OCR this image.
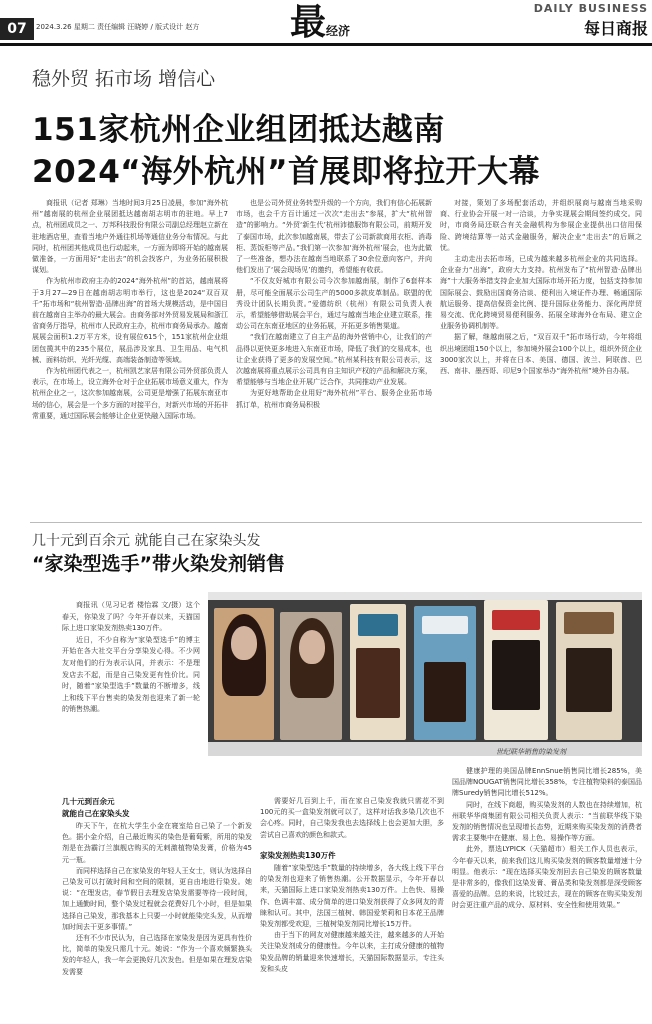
07	2024.3.26 星期二 责任编辑 汪晓婷 / 版式设计 赵方	最 经济
DAILY BUSINESS
每日商报
稳外贸 拓市场 增信心
151家杭州企业组团抵达越南
2024“海外杭州”首展即将拉开大幕

商报讯（记者 郑琳）当地时间3月25日凌晨，参加“海外杭州”越南展的杭州企业展团抵达越南胡志明市的驻地。早上7点，杭州团成员之一、万邦科技股份有限公司副总经理赵立新在驻地酒店里，查看当地户外通往机场等通信业务分布情况。与此同时，杭州团其他成员也行动起来，一方面为即将开始的越南展做准备，一方面用好“走出去”的机会找客户，为业务拓展积极谋划。

作为杭州市政府主办的2024“海外杭州”的首站，越南展将于3月27—29日在越南胡志明市举行，这也是2024“双百双千”拓市场和“杭州智造·品牌出海”的首场大规模活动，是中国目前在越南自主举办的最大展会。由商务部对外贸易发展局和浙江省商务厅指导，杭州市人民政府主办，杭州市商务局承办。越南展展会面积1.2万平方米，设有展位615个，151家杭州企业组团包揽其中的235个展位，展品涉及家具、卫生用品、电气机械、面料纺织、光纤光缆、高端装备制造等领域。

作为杭州团代表之一，杭州凯艺家居有限公司外贸部负责人表示，在市场上，设立海外仓对于企业拓展市场意义重大，作为杭州企业之一，这次参加越南展，公司更是增强了拓展东南亚市场的信心，展会是一个多方面的对接平台，对新兴市场的开拓非常重要，通过国际展会能够让企业更快融入国际市场。

也是公司外贸业务转型升级的一个方向，我们有信心拓展新市场，也会千方百计通过一次次“走出去”参展，扩大“杭州智造”的影响力。“外贸‘新生代’杭州沛德服饰有限公司，前期开发了泰国市场，此次参加越南展，带去了公司新款商用衣柜、消毒柜、蒸饭柜等产品。”我们第一次参加‘海外杭州’展会，也为此做了一些准备，想办法在越南当地联系了30余位意向客户，并向他们发出了‘展会现场见’的邀约，希望能有收获。

“不仅友好城市有限公司今次参加越南展，制作了6套样本册，尽可能全面展示公司生产的5000多款皮革制品。联盟的优秀设计团队长期负责。”爱德纺织（杭州）有限公司负责人表示，希望能够借助展会平台，通过与越南当地企业建立联系，推动公司在东南亚地区的业务拓展，开拓更多销售渠道。

“我们在越南建立了自主产品的海外营销中心，让我们的产品得以更快更多地进入东南亚市场，降低了我们的交易成本，也让企业获得了更多的发展空间。”杭州某科技有限公司表示，这次越南展将重点展示公司具有自主知识产权的产品和解决方案，希望能够与当地企业开展广泛合作，共同推动产业发展。

为更好地帮助企业用好“海外杭州”平台、服务企业拓市场抓订单，杭州市商务局积极

对接，策划了多场配套活动，并组织展商与越南当地采购商、行业协会开展一对一洽谈，力争实现展会期间签约成交。同时，市商务局还联合有关金融机构为参展企业提供出口信用保险、跨境结算等一站式金融服务，解决企业“走出去”的后顾之忧。

主动走出去拓市场，已成为越来越多杭州企业的共同选择。企业奋力“出海”，政府大力支持。杭州发布了“杭州智造·品牌出海”十大服务举措支持企业加大国际市场开拓力度，包括支持参加国际展会、鼓励出国商务洽谈、便利出入境证件办理、畅通国际航运服务、提高信保资金比例、提升国际业务能力、深化两岸贸易交流、优化跨境贸易便利服务、拓展全球海外仓布局、建立企业服务协调机制等。

据了解，继越南展之后，“双百双千”拓市场行动，今年将组织出境团组150个以上，参加境外展会100个以上，组织外贸企业3000家次以上，并将在日本、美国、德国、波兰、阿联酋、巴西、南非、墨西哥、印尼9个国家举办“海外杭州”境外自办展。

几十元到百余元 就能自己在家染头发
“家染型选手”带火染发剂销售

商报讯（见习记者 楼怡霖 文/摄）这个春天，你染发了吗？今年开春以来，天猫国际上进口家染发剂热卖130万件。

近日，不少自称为“家染型选手”的博主开始在各大社交平台分享染发心得。不少网友对他们的行为表示认同，并表示：不是理发店去不起，而是自己染发更有性价比。同时，随着“家染型选手”数量的不断增多，线上和线下平台售卖的染发剂也迎来了新一轮的销售热潮。

世纪联华销售的染发剂
几十元到百余元
就能自己在家染头发

昨天下午，在杭大学生小金在寝室给自己染了一个新发色。据小金介绍，自己最近购买的染色是葡萄紫，所用的染发剂是在劲霸汀兰旗舰店购买的无刺激植物染发膏，价格为45元一瓶。

而同样选择自己在家染发的年轻人王女士，则认为选择自己染发可以打破时间和空间的限制，更自由地进行染发。她说：“在理发店，春节假日去理发店染发需要等待一段时间，加上通勤时间，整个染发过程就会花费好几个小时，但是如果选择自己染发，那我基本上只要一小时就能染完头发，从而增加时间去干更多事情。”

还有不少市民认为，自己选择在家染发是因为更具有性价比，简单的染发只需几十元。她说：“作为一个喜欢频繁换头发的年轻人，我一年会更换好几次发色。但是如果在理发店染发需要

需要好几百到上千，而在家自己染发我就只需花不到100元的买一盒染发剂就可以了，这样对话我多染几次也不会心疼。同时，自己染发我也去选择线上也会更加大胆，多尝试自己喜欢的颜色和款式。

家染发剂热卖130万件

随着“家染型选手”数量的持续增多，各大线上线下平台的染发剂也迎来了销售热潮。公开数据显示，今年开春以来，天猫国际上进口家染发剂热卖130万件。上色快、易操作、色调丰富、成分简单的进口染发剂获得了众多网友的青睐和认可。其中，法国三植树、韩国爱茉莉和日本花王品牌染发剂都受欢迎，三植树染发剂同比增长15万件。

由于当下的网友对健康越来越关注，越来越多的人开始关注染发剂成分的健康性。今年以来，主打成分健康的植物染发品牌的销量迎来快速增长，天猫国际数据显示，专注头发和头皮

健康护理的美国品牌EnnSnue销售同比增长285%，美国品牌NOUGAT销售同比增长358%，专注植物染料的泰国品牌Suredy销售同比增长512%。

同时，在线下商超，购买染发剂的人数也在持续增加，杭州联华华商集团有限公司相关负责人表示：“当前联华线下染发剂的销售情况也呈现增长态势，近期来购买染发剂的消费者需求主要集中在健康、易上色、易操作等方面。

此外，票选LYPICK（天猫超市）相关工作人员也表示，今年春天以来，前来我们这儿购买染发剂的顾客数量增速十分明显。他表示：“现在选择买染发剂回去自己染发的顾客数量是非常多的，像我们这染发膏、膏品类和染发剂都是深受顾客喜爱的品牌。总的来说，比较过去，现在的顾客在购买染发剂时会更注重产品的成分、原材料、安全性和使用效果。”
